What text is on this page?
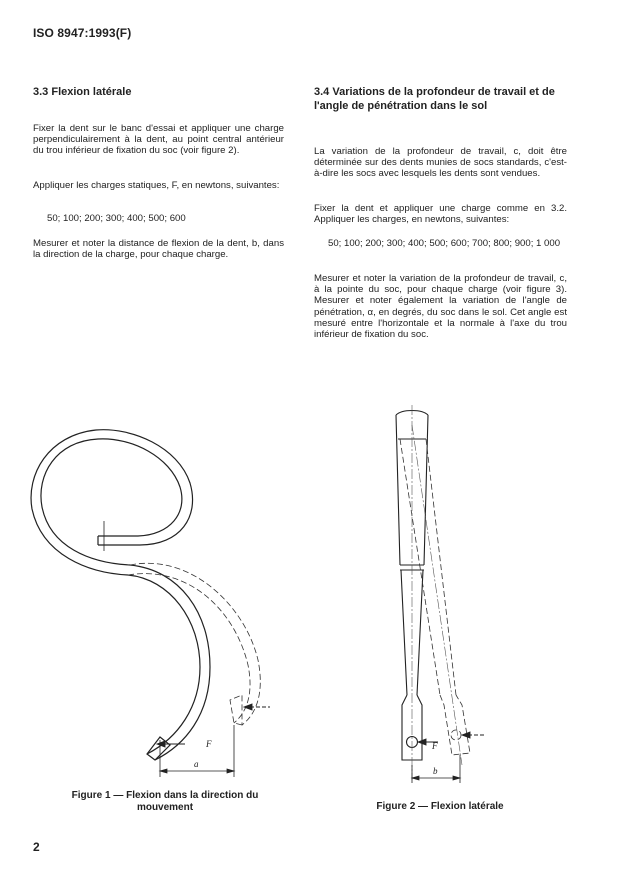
ISO 8947:1993(F)
3.3 Flexion latérale
Fixer la dent sur le banc d'essai et appliquer une charge perpendiculairement à la dent, au point central antérieur du trou inférieur de fixation du soc (voir figure 2).
Appliquer les charges statiques, F, en newtons, suivantes:
50; 100; 200; 300; 400; 500; 600
Mesurer et noter la distance de flexion de la dent, b, dans la direction de la charge, pour chaque charge.
3.4 Variations de la profondeur de travail et de l'angle de pénétration dans le sol
La variation de la profondeur de travail, c, doit être déterminée sur des dents munies de socs standards, c'est-à-dire les socs avec lesquels les dents sont vendues.
Fixer la dent et appliquer une charge comme en 3.2. Appliquer les charges, en newtons, suivantes:
50; 100; 200; 300; 400; 500; 600; 700; 800; 900; 1 000
Mesurer et noter la variation de la profondeur de travail, c, à la pointe du soc, pour chaque charge (voir figure 3). Mesurer et noter également la variation de l'angle de pénétration, α, en degrés, du soc dans le sol. Cet angle est mesuré entre l'horizontale et la normale à l'axe du trou inférieur de fixation du soc.
F
a
Figure 1 — Flexion dans la direction du mouvement
F
b
Figure 2 — Flexion latérale
2
